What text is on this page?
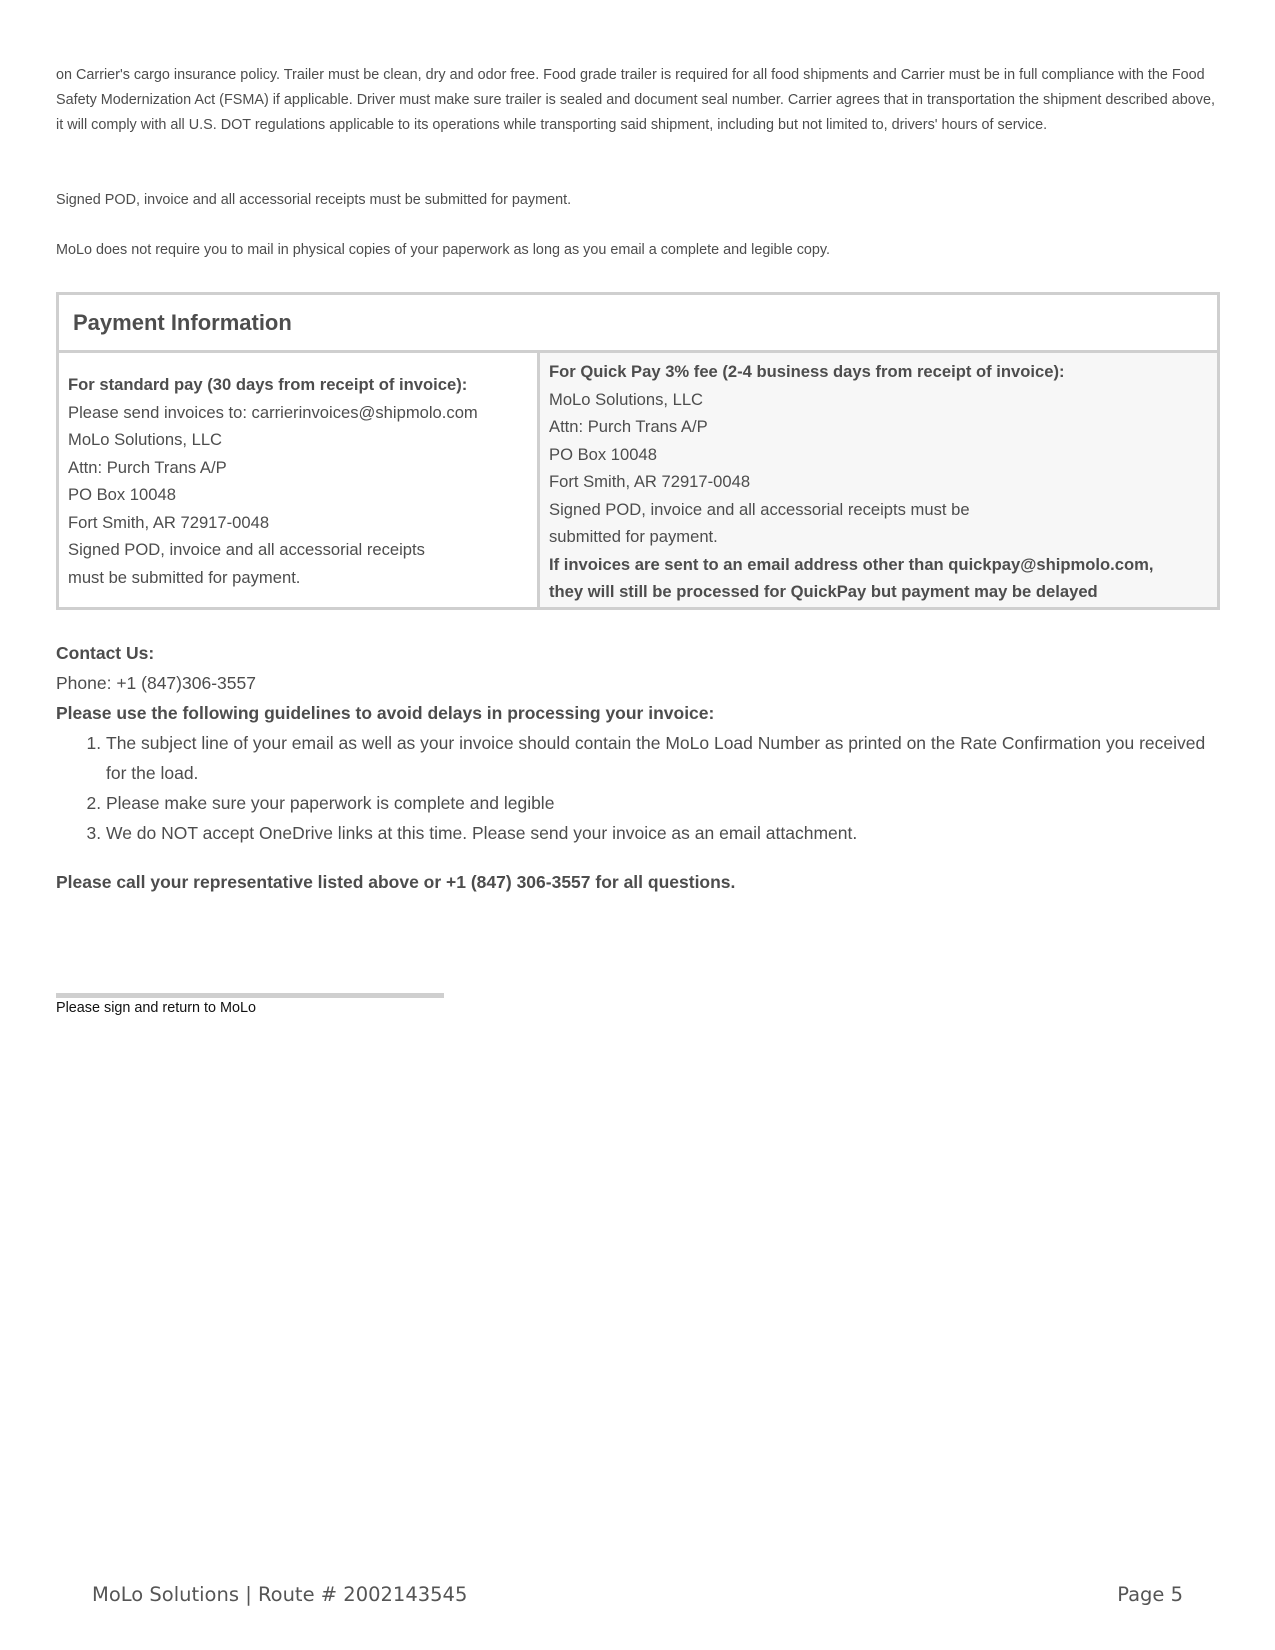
on Carrier's cargo insurance policy. Trailer must be clean, dry and odor free. Food grade trailer is required for all food shipments and Carrier must be in full compliance with the Food Safety Modernization Act (FSMA) if applicable. Driver must make sure trailer is sealed and document seal number. Carrier agrees that in transportation the shipment described above, it will comply with all U.S. DOT regulations applicable to its operations while transporting said shipment, including but not limited to, drivers' hours of service.

Signed POD, invoice and all accessorial receipts must be submitted for payment.

MoLo does not require you to mail in physical copies of your paperwork as long as you email a complete and legible copy.

Payment Information
For standard pay (30 days from receipt of invoice):
Please send invoices to: carrierinvoices@shipmolo.com
MoLo Solutions, LLC
Attn: Purch Trans A/P
PO Box 10048
Fort Smith, AR 72917-0048
Signed POD, invoice and all accessorial receipts
must be submitted for payment.
For Quick Pay 3% fee (2-4 business days from receipt of invoice):
MoLo Solutions, LLC
Attn: Purch Trans A/P
PO Box 10048
Fort Smith, AR 72917-0048
Signed POD, invoice and all accessorial receipts must be
submitted for payment.
If invoices are sent to an email address other than quickpay@shipmolo.com,
they will still be processed for QuickPay but payment may be delayed

Contact Us:

Phone: +1 (847)306-3557

Please use the following guidelines to avoid delays in processing your invoice:

1. The subject line of your email as well as your invoice should contain the MoLo Load Number as printed on the Rate Confirmation you received for the load.
2. Please make sure your paperwork is complete and legible
3. We do NOT accept OneDrive links at this time. Please send your invoice as an email attachment.

Please call your representative listed above or +1 (847) 306-3557 for all questions.

Please sign and return to MoLo

MoLo Solutions | Route # 2002143545	Page 5
